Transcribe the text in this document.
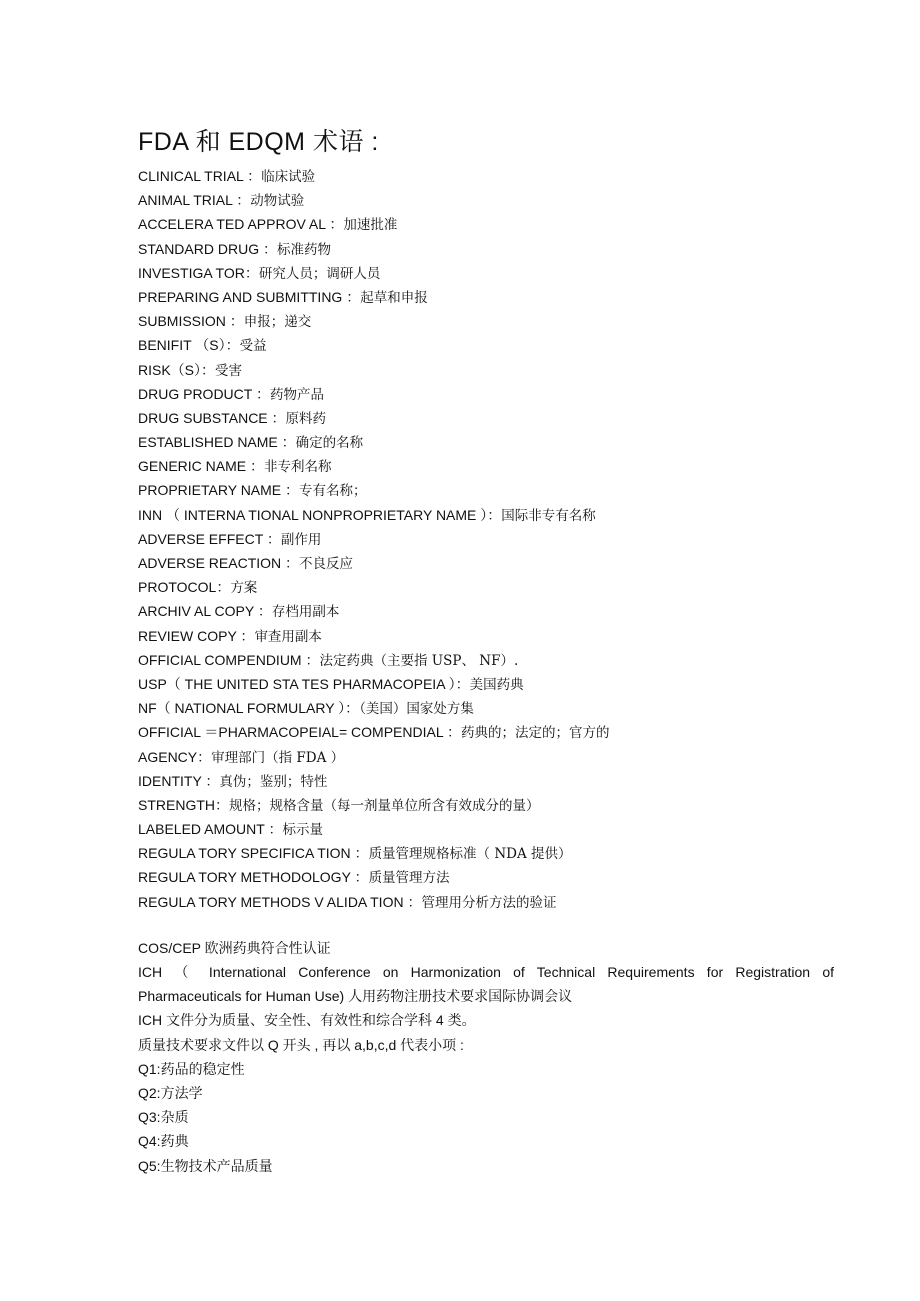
FDA 和 EDQM 术语 :
CLINICAL TRIAL ：临床试验
ANIMAL TRIAL ：动物试验
ACCELERA TED APPROV AL ：加速批准
STANDARD DRUG ：标准药物
INVESTIGA TOR：研究人员；调研人员
PREPARING AND SUBMITTING ：起草和申报
SUBMISSION ：申报；递交
BENIFIT （S）：受益
RISK（S）：受害
DRUG PRODUCT ：药物产品
DRUG SUBSTANCE ：原料药
ESTABLISHED NAME ：确定的名称
GENERIC NAME ：非专利名称
PROPRIETARY NAME ：专有名称；
INN （ INTERNA TIONAL NONPROPRIETARY NAME ）：国际非专有名称
ADVERSE EFFECT ：副作用
ADVERSE REACTION ：不良反应
PROTOCOL：方案
ARCHIV AL COPY ：存档用副本
REVIEW COPY ：审查用副本
OFFICIAL COMPENDIUM ：法定药典（主要指 USP、 NF）.
USP（ THE UNITED STA TES PHARMACOPEIA ）：美国药典
NF（ NATIONAL FORMULARY ）：（美国）国家处方集
OFFICIAL ＝PHARMACOPEIAL= COMPENDIAL ：药典的；法定的；官方的
AGENCY：审理部门（指 FDA ）
IDENTITY ：真伪；鉴别；特性
STRENGTH：规格；规格含量（每一剂量单位所含有效成分的量）
LABELED AMOUNT ：标示量
REGULA TORY SPECIFICA TION ：质量管理规格标准（ NDA 提供）
REGULA TORY METHODOLOGY ：质量管理方法
REGULA TORY METHODS V ALIDA TION ：管理用分析方法的验证
COS/CEP 欧洲药典符合性认证
ICH （ International Conference on Harmonization of Technical Requirements for Registration of
Pharmaceuticals for Human Use) 人用药物注册技术要求国际协调会议
ICH 文件分为质量、安全性、有效性和综合学科 4 类。
质量技术要求文件以 Q 开头 , 再以 a,b,c,d 代表小项 :
Q1:药品的稳定性
Q2:方法学
Q3:杂质
Q4:药典
Q5:生物技术产品质量
